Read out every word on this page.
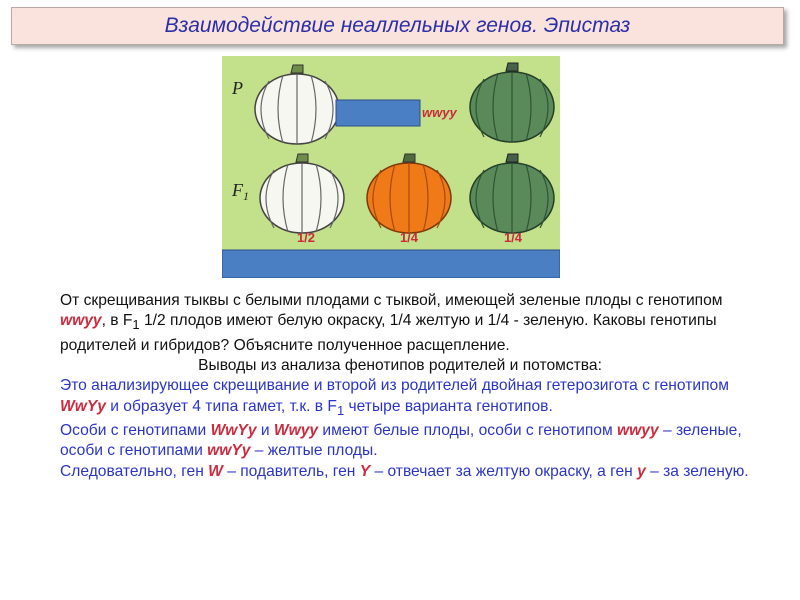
Взаимодействие неаллельных генов. Эпистаз
P
wwyy
$F_1$
1/2	1/4	1/4

От скрещивания тыквы с белыми плодами с тыквой, имеющей зеленые плоды с генотипом wwyy, в $F_1$ 1/2 плодов имеют белую окраску, 1/4 желтую и 1/4 - зеленую. Каковы генотипы родителей и гибридов? Объясните полученное расщепление.

Выводы из анализа фенотипов родителей и потомства:

Это анализирующее скрещивание и второй из родителей двойная гетерозигота с генотипом WwYy и образует 4 типа гамет, т.к. в $F_1$ четыре варианта генотипов.

Особи с генотипами WwYy и Wwyy имеют белые плоды, особи с генотипом wwyy – зеленые, особи с генотипами wwYy – желтые плоды.

Следовательно, ген W – подавитель, ген Y – отвечает за желтую окраску, а ген y – за зеленую.
